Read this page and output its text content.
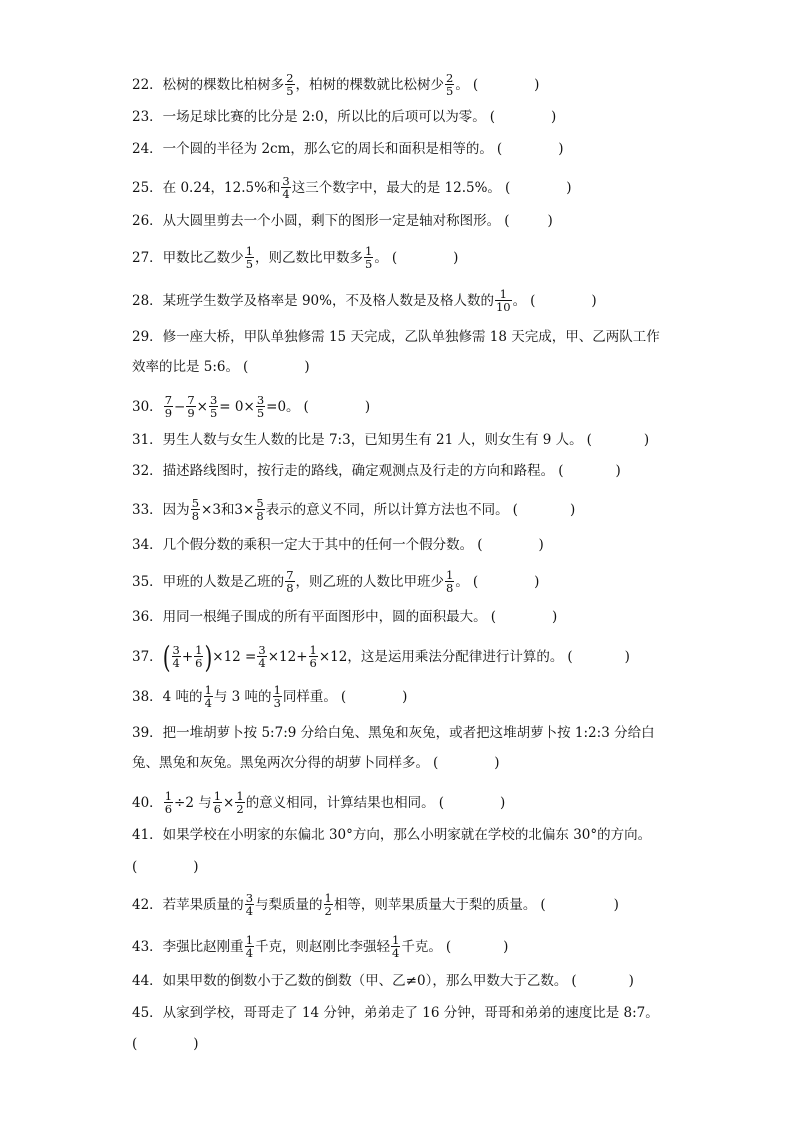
22．松树的棵数比柏树多 $\frac{2}{5}$ ，柏树的棵数就比松树少 $\frac{2}{5}$ 。 (	)
23．一场足球比赛的比分是 2:0，所以比的后项可以为零。 (	)
24．一个圆的半径为 2cm，那么它的周长和面积是相等的。 (	)
25．在 0.24，12.5%和 $\frac{3}{4}$ 这三个数字中，最大的是 12.5%。 (	)
26．从大圆里剪去一个小圆，剩下的图形一定是轴对称图形。 (	)
27．甲数比乙数少 $\frac{1}{5}$ ，则乙数比甲数多 $\frac{1}{5}$ 。 (	)
28．某班学生数学及格率是 90%，不及格人数是及格人数的 $\frac{1}{10}$ 。 (	)
29．修一座大桥，甲队单独修需 15 天完成，乙队单独修需 18 天完成，甲、乙两队工作
效率的比是 5:6。 (	)
30． $\frac{7}{9} - \frac{7}{9} \times \frac{3}{5} = 0\times \frac{3}{5} =0$。 (	)
31．男生人数与女生人数的比是 7:3，已知男生有 21 人，则女生有 9 人。 (	)
32．描述路线图时，按行走的路线，确定观测点及行走的方向和路程。 (	)
33．因为 $\frac{5}{8} \times 3$和$3\times \frac{5}{8}$ 表示的意义不同，所以计算方法也不同。 (	)
34．几个假分数的乘积一定大于其中的任何一个假分数。 (	)
35．甲班的人数是乙班的 $\frac{7}{8}$ ，则乙班的人数比甲班少 $\frac{1}{8}$ 。 (	)
36．用同一根绳子围成的所有平面图形中，圆的面积最大。 (	)
37． ( $\frac{3}{4} + \frac{1}{6}$ ) $\times 12 = \frac{3}{4} \times 12+ \frac{1}{6} \times 12$ ，这是运用乘法分配律进行计算的。 (	)
38．4 吨的 $\frac{1}{4}$ 与 3 吨的 $\frac{1}{3}$ 同样重。 (	)
39．把一堆胡萝卜按 5:7:9 分给白兔、黑兔和灰兔，或者把这堆胡萝卜按 1:2:3 分给白
兔、黑兔和灰兔。黑兔两次分得的胡萝卜同样多。 (	)
40． $\frac{1}{6} \div 2$ 与 $\frac{1}{6} \times \frac{1}{2}$ 的意义相同，计算结果也相同。 (	)
41．如果学校在小明家的东偏北 30°方向，那么小明家就在学校的北偏东 30°的方向。
(	)
42．若苹果质量的 $\frac{3}{4}$ 与梨质量的 $\frac{1}{2}$ 相等，则苹果质量大于梨的质量。 (	)
43．李强比赵刚重 $\frac{1}{4}$ 千克，则赵刚比李强轻 $\frac{1}{4}$ 千克。 (	)
44．如果甲数的倒数小于乙数的倒数（甲、乙≠0），那么甲数大于乙数。 (	)
45．从家到学校，哥哥走了 14 分钟，弟弟走了 16 分钟，哥哥和弟弟的速度比是 8:7。
(	)
